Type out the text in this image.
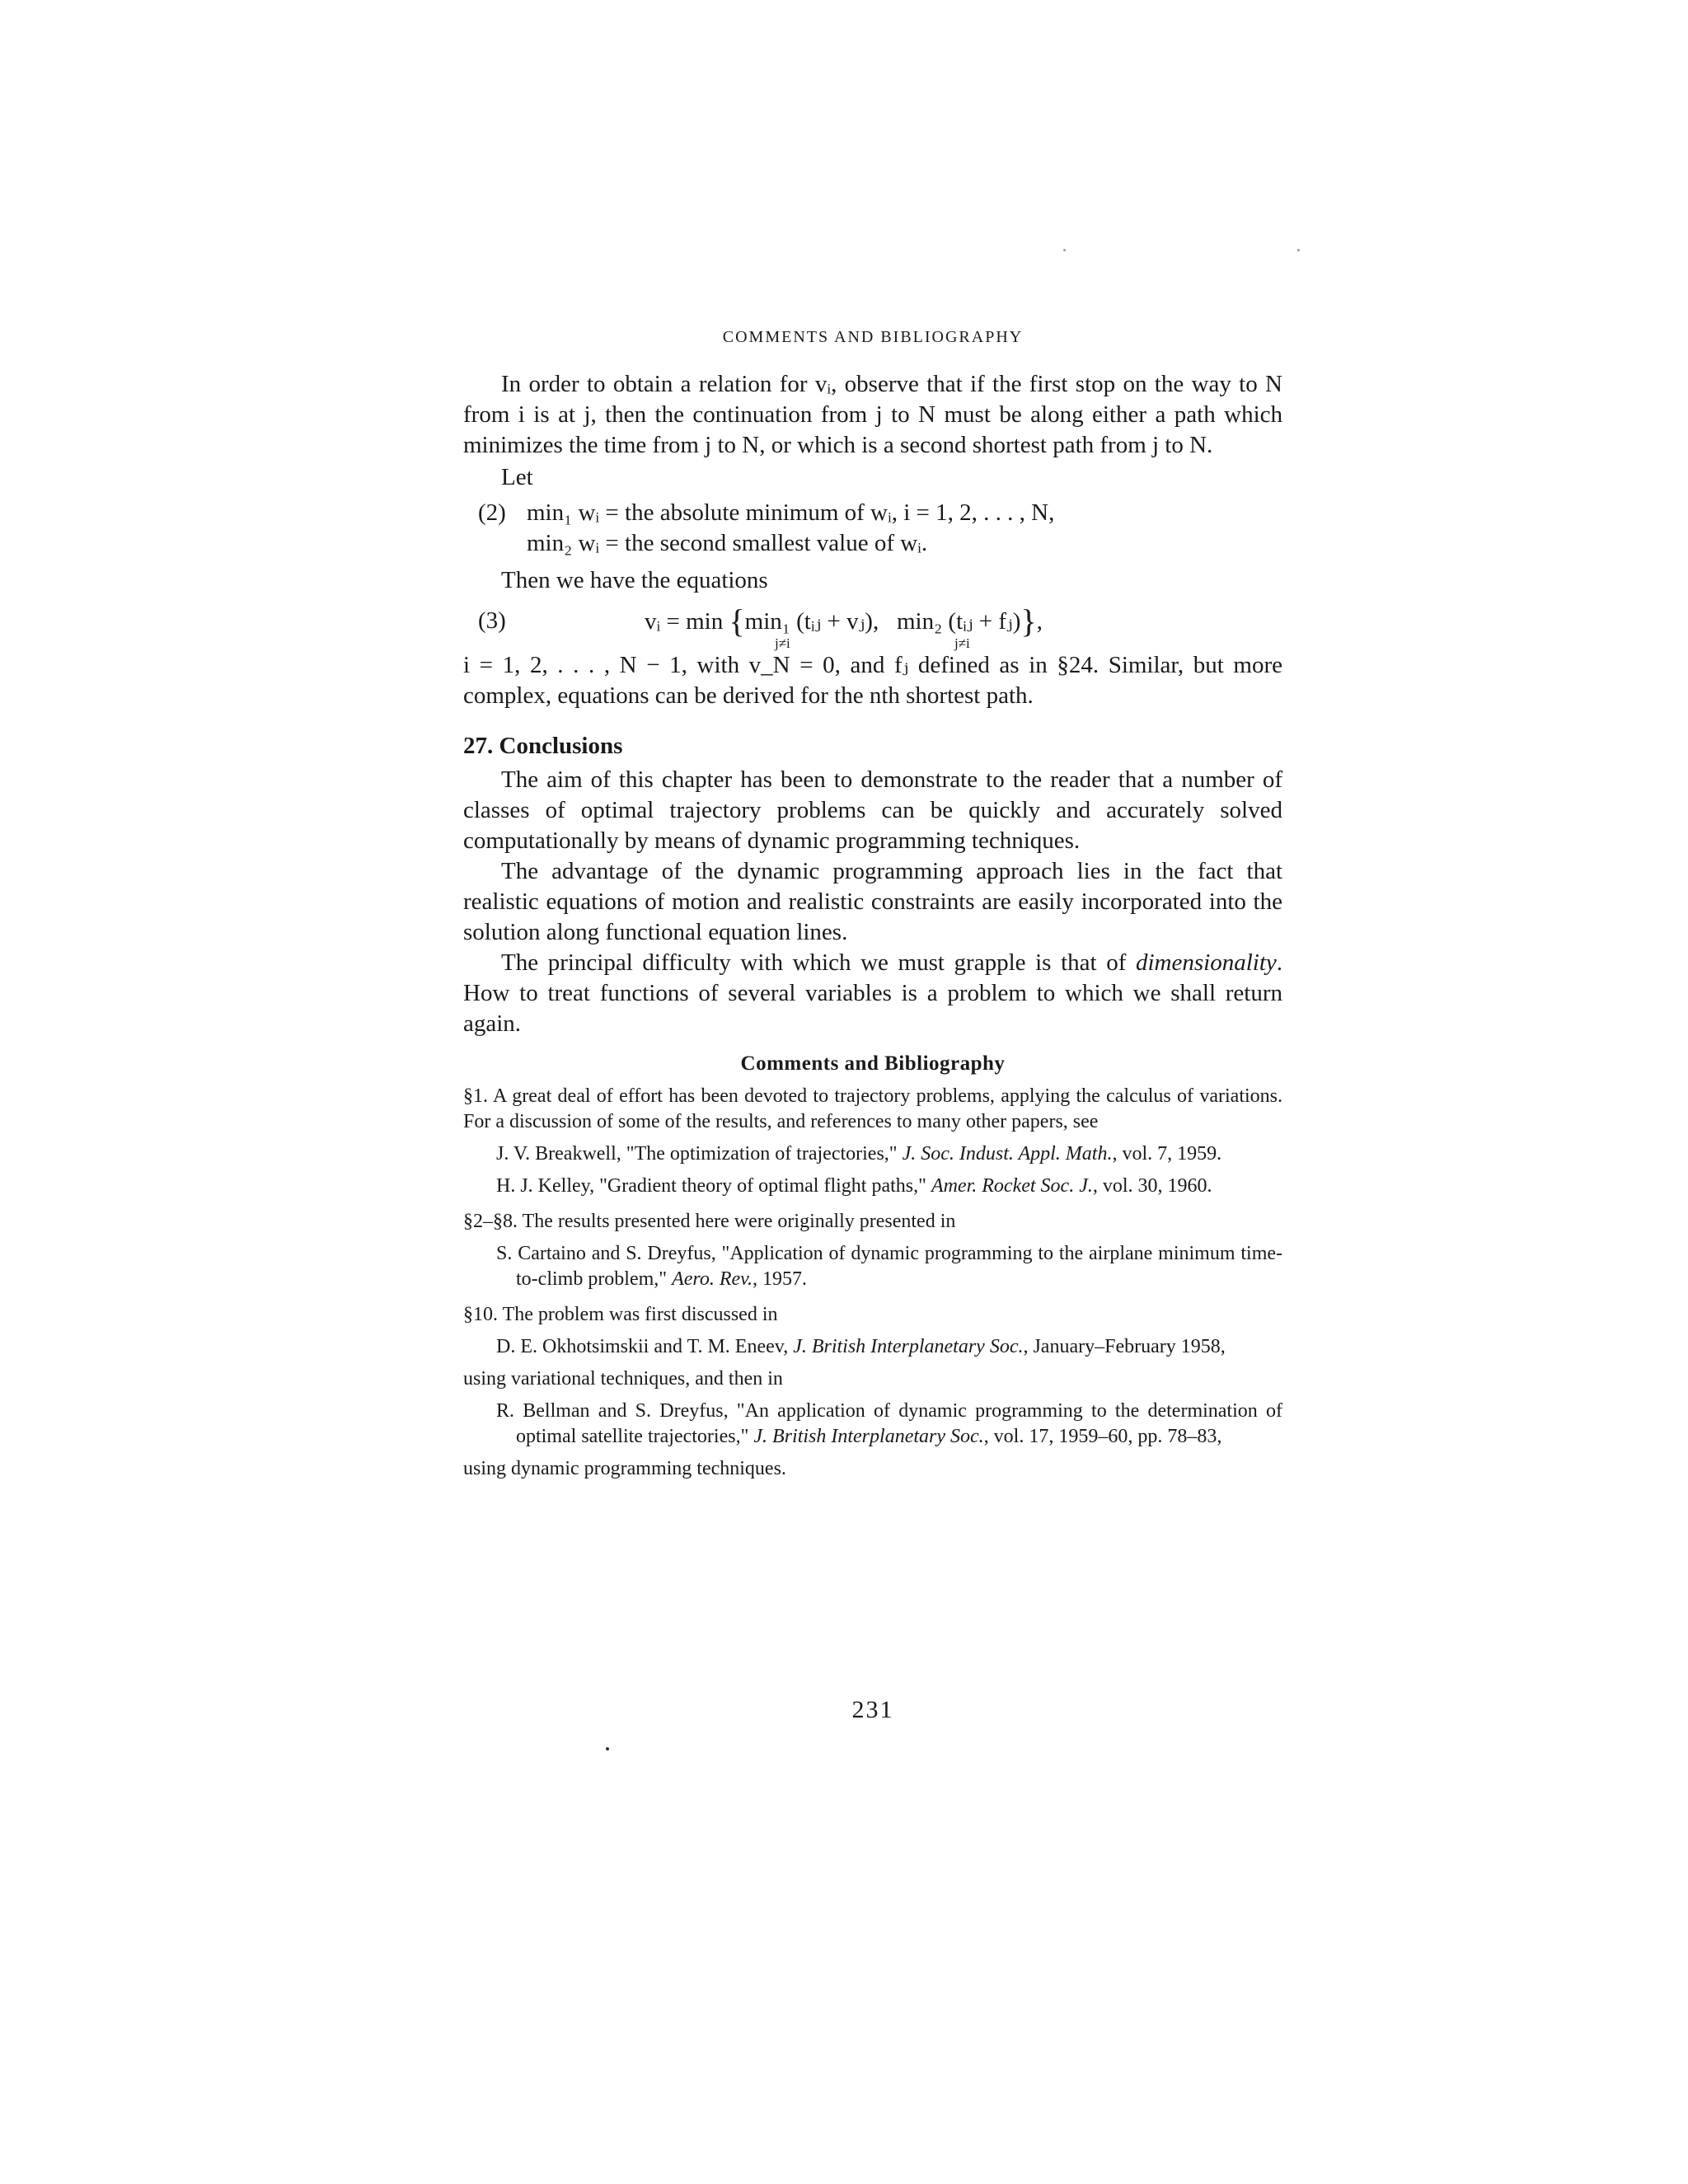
COMMENTS AND BIBLIOGRAPHY

In order to obtain a relation for vᵢ, observe that if the first stop on the way to N from i is at j, then the continuation from j to N must be along either a path which minimizes the time from j to N, or which is a second shortest path from j to N.

Let

(2) min₁ wᵢ = the absolute minimum of wᵢ, i = 1, 2, . . . , N,
min₂ wᵢ = the second smallest value of wᵢ.

Then we have the equations

(3)	vᵢ = min {min₁ (tᵢⱼ + vⱼ), min₂ (tᵢⱼ + fⱼ)},
j≠i	j≠i

i = 1, 2, . . . , N − 1, with v_N = 0, and fⱼ defined as in §24. Similar, but more complex, equations can be derived for the nth shortest path.

27. Conclusions

The aim of this chapter has been to demonstrate to the reader that a number of classes of optimal trajectory problems can be quickly and accurately solved computationally by means of dynamic programming techniques.

The advantage of the dynamic programming approach lies in the fact that realistic equations of motion and realistic constraints are easily incorporated into the solution along functional equation lines.

The principal difficulty with which we must grapple is that of dimensionality. How to treat functions of several variables is a problem to which we shall return again.

Comments and Bibliography

§1. A great deal of effort has been devoted to trajectory problems, applying the calculus of variations. For a discussion of some of the results, and references to many other papers, see

J. V. Breakwell, "The optimization of trajectories," J. Soc. Indust. Appl. Math., vol. 7, 1959.

H. J. Kelley, "Gradient theory of optimal flight paths," Amer. Rocket Soc. J., vol. 30, 1960.

§2–§8. The results presented here were originally presented in

S. Cartaino and S. Dreyfus, "Application of dynamic programming to the airplane minimum time-to-climb problem," Aero. Rev., 1957.

§10. The problem was first discussed in

D. E. Okhotsimskii and T. M. Eneev, J. British Interplanetary Soc., January–February 1958,

using variational techniques, and then in

R. Bellman and S. Dreyfus, "An application of dynamic programming to the determination of optimal satellite trajectories," J. British Interplanetary Soc., vol. 17, 1959–60, pp. 78–83,

using dynamic programming techniques.

231
